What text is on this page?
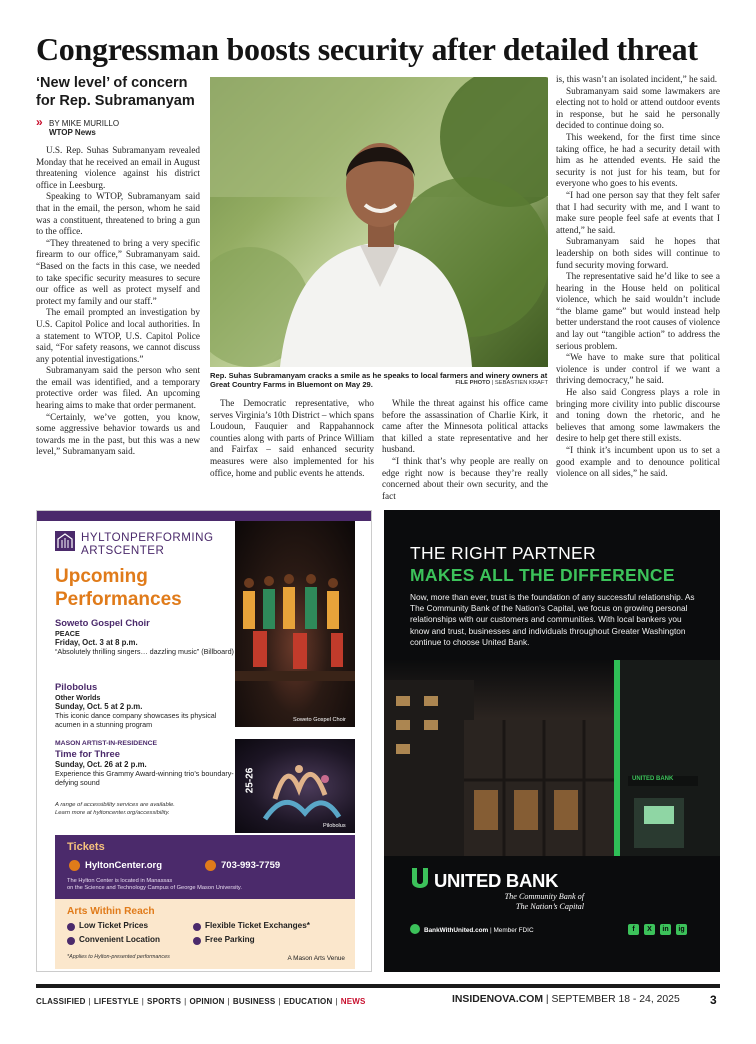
Congressman boosts security after detailed threat
‘New level’ of concern for Rep. Subramanyam
» BY MIKE MURILLO
WTOP News

U.S. Rep. Suhas Subramanyam revealed Monday that he received an email in August threatening violence against his district office in Leesburg.

Speaking to WTOP, Subramanyam said that in the email, the person, whom he said was a constituent, threatened to bring a gun to the office.

“They threatened to bring a very specific firearm to our office,” Subramanyam said. “Based on the facts in this case, we needed to take specific security measures to secure our office as well as protect myself and protect my family and our staff.”

The email prompted an investigation by U.S. Capitol Police and local authorities. In a statement to WTOP, U.S. Capitol Police said, “For safety reasons, we cannot discuss any potential investigations.”

Subramanyam said the person who sent the email was identified, and a temporary protective order was filed. An upcoming hearing aims to make that order permanent.

“Certainly, we’ve gotten, you know, some aggressive behavior towards us and towards me in the past, but this was a new level,” Subramanyam said.

Rep. Suhas Subramanyam cracks a smile as he speaks to local farmers and winery owners at Great Country Farms in Bluemont on May 29.	FILE PHOTO | SEBASTIEN KRAFT

The Democratic representative, who serves Virginia’s 10th District – which spans Loudoun, Fauquier and Rappahannock counties along with parts of Prince William and Fairfax – said enhanced security measures were also implemented for his office, home and public events he attends.

While the threat against his office came before the assassination of Charlie Kirk, it came after the Minnesota political attacks that killed a state representative and her husband.

“I think that’s why people are really on edge right now is because they’re really concerned about their own security, and the fact

is, this wasn’t an isolated incident,” he said.

Subramanyam said some lawmakers are electing not to hold or attend outdoor events in response, but he said he personally decided to continue doing so.

This weekend, for the first time since taking office, he had a security detail with him as he attended events. He said the security is not just for his team, but for everyone who goes to his events.

“I had one person say that they felt safer that I had security with me, and I want to make sure people feel safe at events that I attend,” he said.

Subramanyam said he hopes that leadership on both sides will continue to fund security moving forward.

The representative said he’d like to see a hearing in the House held on political violence, which he said wouldn’t include “the blame game” but would instead help better understand the root causes of violence and lay out “tangible action” to address the serious problem.

“We have to make sure that political violence is under control if we want a thriving democracy,” he said.

He also said Congress plays a role in bringing more civility into public discourse and toning down the rhetoric, and he believes that among some lawmakers the desire to help get there still exists.

“I think it’s incumbent upon us to set a good example and to denounce political violence on all sides,” he said.

HYLTONPERFORMING
ARTSCENTER
Upcoming
Performances
Soweto Gospel Choir
PEACE
Friday, Oct. 3 at 8 p.m.
“Absolutely thrilling singers… dazzling music” (Billboard)
Pilobolus
Other Worlds
Sunday, Oct. 5 at 2 p.m.
This iconic dance company showcases its physical acumen in a stunning program
MASON ARTIST-IN-RESIDENCE
Time for Three
Sunday, Oct. 26 at 2 p.m.
Experience this Grammy Award-winning trio’s boundary-defying sound
A range of accessibility services are available.
Learn more at hyltoncenter.org/accessibility.
Soweto Gospel Choir
Pilobolus
25-26
Tickets
HyltonCenter.org	703-993-7759
The Hylton Center is located in Manassas
on the Science and Technology Campus of George Mason University.
Arts Within Reach
Low Ticket Prices	Flexible Ticket Exchanges*
Convenient Location	Free Parking
*Applies to Hylton-presented performances	A Mason Arts Venue
THE RIGHT PARTNER
MAKES ALL THE DIFFERENCE
Now, more than ever, trust is the foundation of any successful relationship. As The Community Bank of the Nation’s Capital, we focus on growing personal relationships with our customers and communities. With local bankers you know and trust, businesses and individuals throughout Greater Washington continue to choose United Bank.
UNITED BANK
UNITED BANK
The Community Bank of
The Nation’s Capital
BankWithUnited.com | Member FDIC	f	X	in	ig
CLASSIFIED | LIFESTYLE | SPORTS | OPINION | BUSINESS | EDUCATION | NEWS	INSIDENOVA.COM | SEPTEMBER 18 - 24, 2025	3
